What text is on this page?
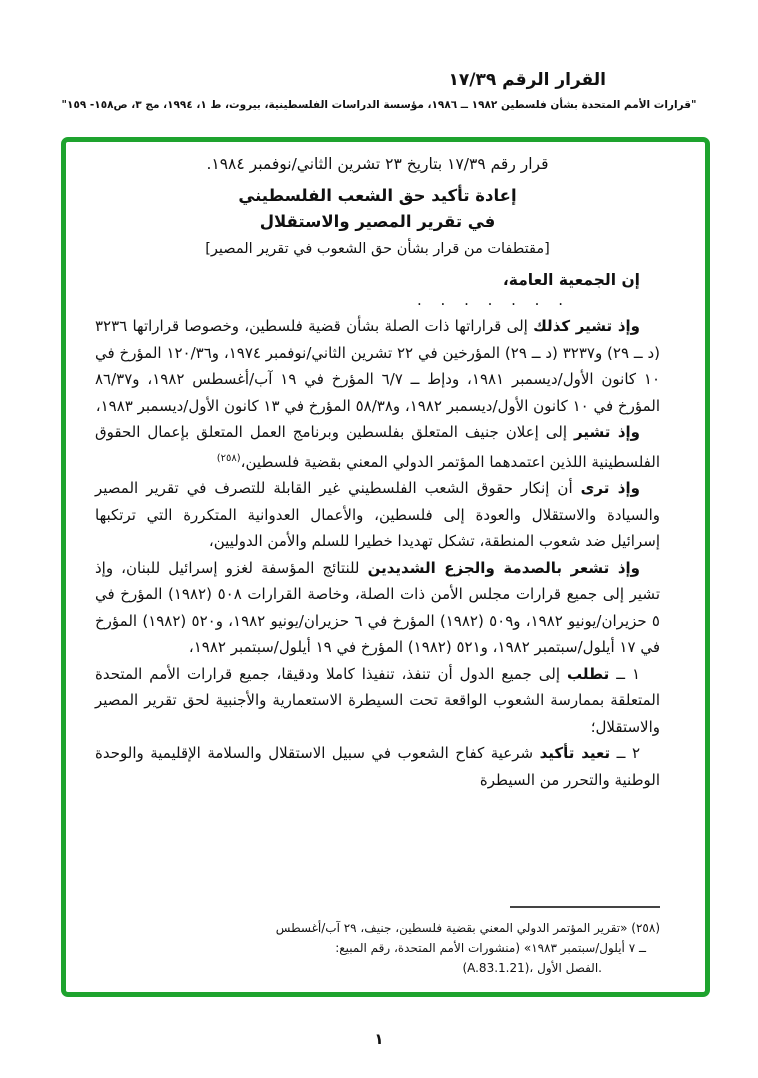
القرار الرقم ١٧/٣٩
"قرارات الأمم المتحدة بشأن فلسطين ١٩٨٢ ــ ١٩٨٦، مؤسسة الدراسات الفلسطينية، بيروت، ط ١، ١٩٩٤، مج ٣، ص١٥٨- ١٥٩"

قرار رقم ١٧/٣٩ بتاريخ ٢٣ تشرين الثاني/نوفمبر ١٩٨٤.

إعادة تأكيد حق الشعب الفلسطيني

في تقرير المصير والاستقلال

[مقتطفات من قرار بشأن حق الشعوب في تقرير المصير]

إن الجمعية العامة،

. . . . . . .

وإذ تشير كذلك إلى قراراتها ذات الصلة بشأن قضية فلسطين، وخصوصا قراراتها ٣٢٣٦ (د ــ ٢٩) و٣٢٣٧ (د ــ ٢٩) المؤرخين في ٢٢ تشرين الثاني/نوفمبر ١٩٧٤، و١٢٠/٣٦ المؤرخ في ١٠ كانون الأول/ديسمبر ١٩٨١، ودإط ــ ٦/٧ المؤرخ في ١٩ آب/أغسطس ١٩٨٢، و٨٦/٣٧ المؤرخ في ١٠ كانون الأول/ديسمبر ١٩٨٢، و٥٨/٣٨ المؤرخ في ١٣ كانون الأول/ديسمبر ١٩٨٣،

وإذ تشير إلى إعلان جنيف المتعلق بفلسطين وبرنامج العمل المتعلق بإعمال الحقوق الفلسطينية اللذين اعتمدهما المؤتمر الدولي المعني بقضية فلسطين،$^{(٢٥٨)}$

وإذ ترى أن إنكار حقوق الشعب الفلسطيني غير القابلة للتصرف في تقرير المصير والسيادة والاستقلال والعودة إلى فلسطين، والأعمال العدوانية المتكررة التي ترتكبها إسرائيل ضد شعوب المنطقة، تشكل تهديدا خطيرا للسلم والأمن الدوليين،

وإذ تشعر بالصدمة والجزع الشديدين للنتائج المؤسفة لغزو إسرائيل للبنان، وإذ تشير إلى جميع قرارات مجلس الأمن ذات الصلة، وخاصة القرارات ٥٠٨ (١٩٨٢) المؤرخ في ٥ حزيران/يونيو ١٩٨٢، و٥٠٩ (١٩٨٢) المؤرخ في ٦ حزيران/يونيو ١٩٨٢، و٥٢٠ (١٩٨٢) المؤرخ في ١٧ أيلول/سبتمبر ١٩٨٢، و٥٢١ (١٩٨٢) المؤرخ في ١٩ أيلول/سبتمبر ١٩٨٢،

١ ــ تطلب إلى جميع الدول أن تنفذ، تنفيذا كاملا ودقيقا، جميع قرارات الأمم المتحدة المتعلقة بممارسة الشعوب الواقعة تحت السيطرة الاستعمارية والأجنبية لحق تقرير المصير والاستقلال؛

٢ ــ تعيد تأكيد شرعية كفاح الشعوب في سبيل الاستقلال والسلامة الإقليمية والوحدة الوطنية والتحرر من السيطرة

(٢٥٨) «تقرير المؤتمر الدولي المعني بقضية فلسطين، جنيف، ٢٩ آب/أغسطس

ــ ٧ أيلول/سبتمبر ١٩٨٣» (منشورات الأمم المتحدة، رقم المبيع:

(A.83.1.21)، الفصل الأول.

١
